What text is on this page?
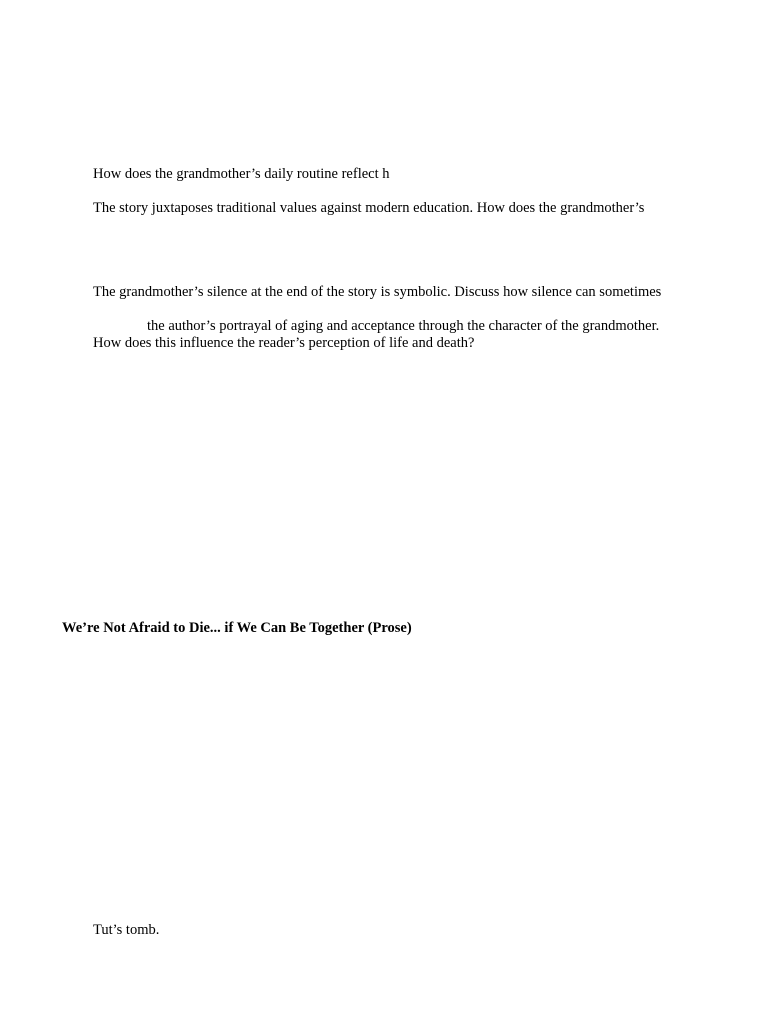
How does the grandmother’s daily routine reflect h
The story juxtaposes traditional values against modern education. How does the grandmother’s
The grandmother’s silence at the end of the story is symbolic. Discuss how silence can sometimes
the author’s portrayal of aging and acceptance through the character of the grandmother.
How does this influence the reader’s perception of life and death?
We’re Not Afraid to Die... if We Can Be Together (Prose)
Tut’s tomb.
